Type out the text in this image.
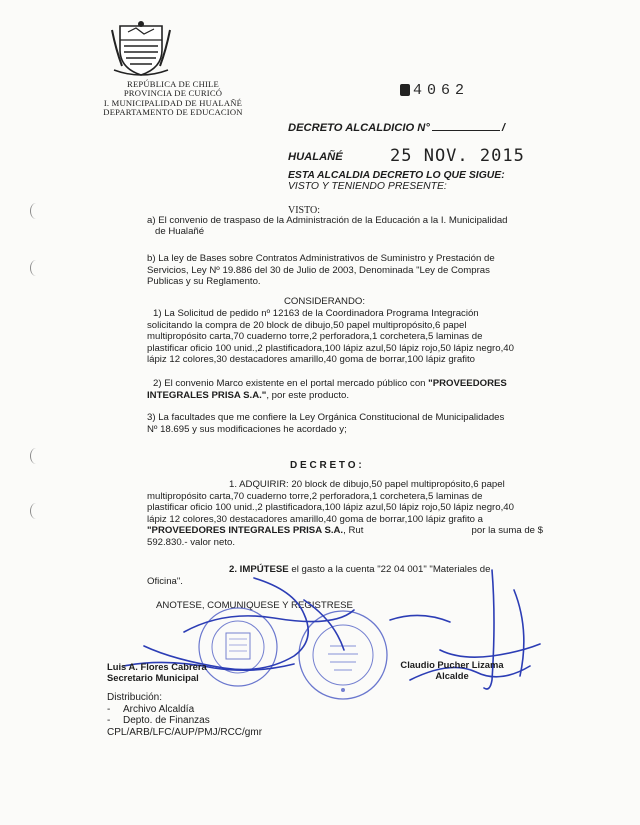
REPÚBLICA DE CHILE
PROVINCIA DE CURICÓ
I. MUNICIPALIDAD DE HUALAÑÉ
DEPARTAMENTO DE EDUCACION
4062
DECRETO ALCALDICIO N°	/
HUALAÑÉ	25 NOV. 2015
ESTA ALCALDIA DECRETO LO QUE SIGUE:
VISTO Y TENIENDO PRESENTE:
VISTO:
a) El convenio de traspaso de la Administración de la Educación a la I. Municipalidad
de Hualañé
b) La ley de Bases sobre Contratos Administrativos de Suministro y Prestación de
Servicios, Ley Nº 19.886 del 30 de Julio de 2003, Denominada "Ley de Compras
Publicas y su Reglamento.
CONSIDERANDO:
1) La Solicitud de pedido nº 12163 de la Coordinadora Programa Integración
solicitando la compra de 20 block de dibujo,50 papel multipropósito,6 papel
multipropósito carta,70 cuaderno torre,2 perforadora,1 corchetera,5 laminas de
plastificar oficio 100 unid.,2 plastificadora,100 lápiz azul,50 lápiz rojo,50 lápiz negro,40
lápiz 12 colores,30 destacadores amarillo,40 goma de borrar,100 lápiz grafito
2) El convenio Marco existente en el portal mercado público con "PROVEEDORES
INTEGRALES PRISA S.A.", por este producto.
3) La facultades que me confiere la Ley Orgánica Constitucional de Municipalidades
Nº 18.695 y sus modificaciones he acordado y;
D E C R E T O :
1. ADQUIRIR: 20 block de dibujo,50 papel multipropósito,6 papel
multipropósito carta,70 cuaderno torre,2 perforadora,1 corchetera,5 laminas de
plastificar oficio 100 unid.,2 plastificadora,100 lápiz azul,50 lápiz rojo,50 lápiz negro,40
lápiz 12 colores,30 destacadores amarillo,40 goma de borrar,100 lápiz grafito a
"PROVEEDORES INTEGRALES PRISA S.A., Rut	por la suma de $
592.830.- valor neto.
2. IMPÚTESE el gasto a la cuenta "22 04 001" "Materiales de
Oficina".
ANOTESE, COMUNIQUESE Y REGISTRESE
Luis A. Flores Cabrera
Secretario Municipal
Claudio Pucher Lizama
Alcalde
Distribución:
- Archivo Alcaldía
- Depto. de Finanzas
CPL/ARB/LFC/AUP/PMJ/RCC/gmr
